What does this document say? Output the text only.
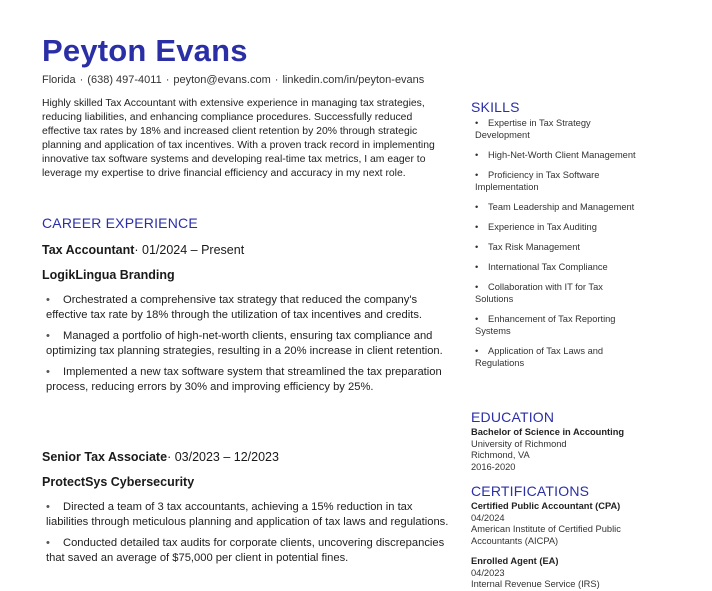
Peyton Evans
Florida · (638) 497-4011 · peyton@evans.com · linkedin.com/in/peyton-evans

Highly skilled Tax Accountant with extensive experience in managing tax strategies, reducing liabilities, and enhancing compliance procedures. Successfully reduced effective tax rates by 18% and increased client retention by 20% through strategic planning and application of tax incentives. With a proven track record in implementing innovative tax software systems and developing real-time tax metrics, I am eager to leverage my expertise to drive financial efficiency and accuracy in my next role.

CAREER EXPERIENCE

Tax Accountant· 01/2024 – Present

LogikLingua Branding

• Orchestrated a comprehensive tax strategy that reduced the company's effective tax rate by 18% through the utilization of tax incentives and credits.
• Managed a portfolio of high-net-worth clients, ensuring tax compliance and optimizing tax planning strategies, resulting in a 20% increase in client retention.
• Implemented a new tax software system that streamlined the tax preparation process, reducing errors by 30% and improving efficiency by 25%.

Senior Tax Associate· 03/2023 – 12/2023

ProtectSys Cybersecurity

• Directed a team of 3 tax accountants, achieving a 15% reduction in tax liabilities through meticulous planning and application of tax laws and regulations.
• Conducted detailed tax audits for corporate clients, uncovering discrepancies that saved an average of $75,000 per client in potential fines.
SKILLS
• Expertise in Tax Strategy Development
• High-Net-Worth Client Management
• Proficiency in Tax Software Implementation
• Team Leadership and Management
• Experience in Tax Auditing
• Tax Risk Management
• International Tax Compliance
• Collaboration with IT for Tax Solutions
• Enhancement of Tax Reporting Systems
• Application of Tax Laws and Regulations
EDUCATION
Bachelor of Science in Accounting
University of Richmond
Richmond, VA
2016-2020
CERTIFICATIONS
Certified Public Accountant (CPA)
04/2024
American Institute of Certified Public Accountants (AICPA)
Enrolled Agent (EA)
04/2023
Internal Revenue Service (IRS)
